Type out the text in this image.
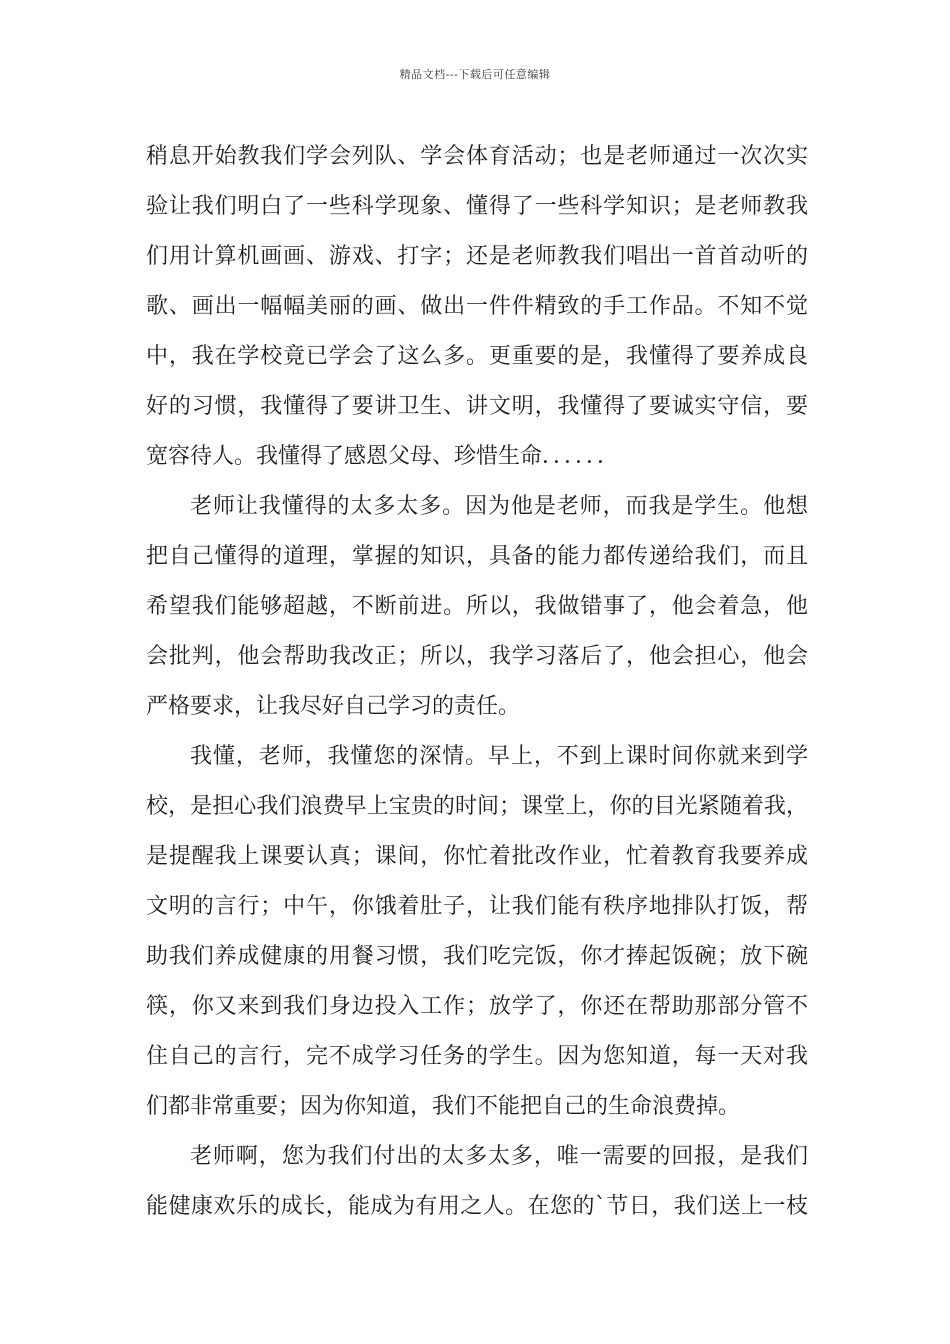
精品文档---下载后可任意编辑
稍息开始教我们学会列队、学会体育活动；也是老师通过一次次实
验让我们明白了一些科学现象、懂得了一些科学知识；是老师教我
们用计算机画画、游戏、打字；还是老师教我们唱出一首首动听的
歌、画出一幅幅美丽的画、做出一件件精致的手工作品。不知不觉
中，我在学校竟已学会了这么多。更重要的是，我懂得了要养成良
好的习惯，我懂得了要讲卫生、讲文明，我懂得了要诚实守信，要
宽容待人。我懂得了感恩父母、珍惜生命．．．．．．
老师让我懂得的太多太多。因为他是老师，而我是学生。他想
把自己懂得的道理，掌握的知识，具备的能力都传递给我们，而且
希望我们能够超越，不断前进。所以，我做错事了，他会着急，他
会批判，他会帮助我改正；所以，我学习落后了，他会担心，他会
严格要求，让我尽好自己学习的责任。
我懂，老师，我懂您的深情。早上，不到上课时间你就来到学
校，是担心我们浪费早上宝贵的时间；课堂上，你的目光紧随着我，
是提醒我上课要认真；课间，你忙着批改作业，忙着教育我要养成
文明的言行；中午，你饿着肚子，让我们能有秩序地排队打饭，帮
助我们养成健康的用餐习惯，我们吃完饭，你才捧起饭碗；放下碗
筷，你又来到我们身边投入工作；放学了，你还在帮助那部分管不
住自己的言行，完不成学习任务的学生。因为您知道，每一天对我
们都非常重要；因为你知道，我们不能把自己的生命浪费掉。
老师啊，您为我们付出的太多太多，唯一需要的回报，是我们
能健康欢乐的成长，能成为有用之人。在您的`节日，我们送上一枝
